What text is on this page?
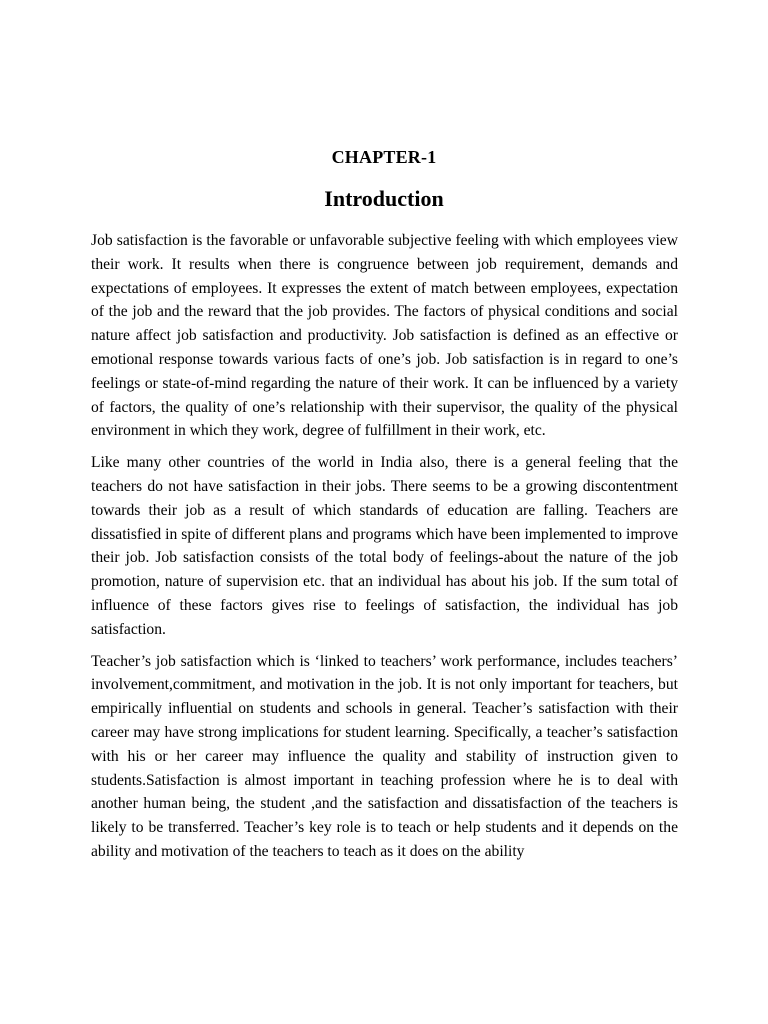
CHAPTER-1
Introduction

Job satisfaction is the favorable or unfavorable subjective feeling with which employees view their work. It results when there is congruence between job requirement, demands and expectations of employees. It expresses the extent of match between employees, expectation of the job and the reward that the job provides. The factors of physical conditions and social nature affect job satisfaction and productivity. Job satisfaction is defined as an effective or emotional response towards various facts of one’s job. Job satisfaction is in regard to one’s feelings or state-of-mind regarding the nature of their work. It can be influenced by a variety of factors, the quality of one’s relationship with their supervisor, the quality of the physical environment in which they work, degree of fulfillment in their work, etc.

Like many other countries of the world in India also, there is a general feeling that the teachers do not have satisfaction in their jobs. There seems to be a growing discontentment towards their job as a result of which standards of education are falling. Teachers are dissatisfied in spite of different plans and programs which have been implemented to improve their job. Job satisfaction consists of the total body of feelings-about the nature of the job promotion, nature of supervision etc. that an individual has about his job. If the sum total of influence of these factors gives rise to feelings of satisfaction, the individual has job satisfaction.

Teacher’s job satisfaction which is ‘linked to teachers’ work performance, includes teachers’ involvement,commitment, and motivation in the job. It is not only important for teachers, but empirically influential on students and schools in general. Teacher’s satisfaction with their career may have strong implications for student learning. Specifically, a teacher’s satisfaction with his or her career may influence the quality and stability of instruction given to students.Satisfaction is almost important in teaching profession where he is to deal with another human being, the student ,and the satisfaction and dissatisfaction of the teachers is likely to be transferred. Teacher’s key role is to teach or help students and it depends on the ability and motivation of the teachers to teach as it does on the ability
